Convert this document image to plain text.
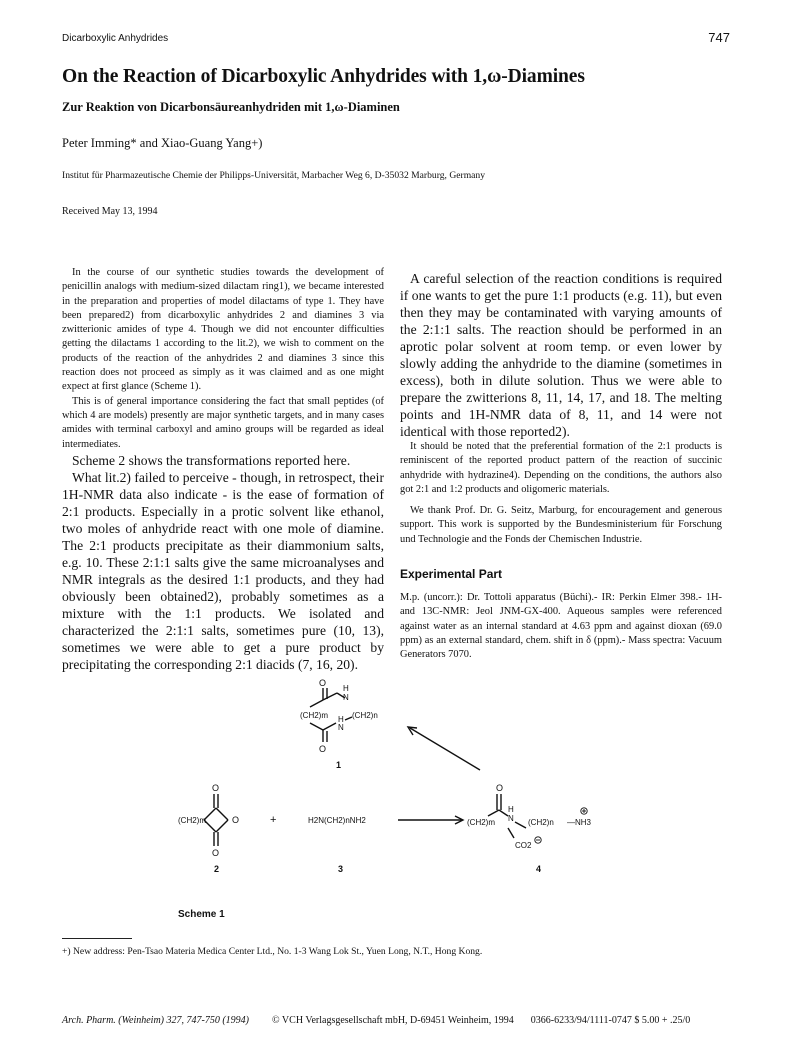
Dicarboxylic Anhydrides	747
On the Reaction of Dicarboxylic Anhydrides with 1,ω-Diamines
Zur Reaktion von Dicarbonsäureanhydriden mit 1,ω-Diaminen
Peter Imming* and Xiao-Guang Yang+)
Institut für Pharmazeutische Chemie der Philipps-Universität, Marbacher Weg 6, D-35032 Marburg, Germany
Received May 13, 1994

In the course of our synthetic studies towards the development of penicillin analogs with medium-sized dilactam ring1), we became interested in the preparation and properties of model dilactams of type 1. They have been prepared2) from dicarboxylic anhydrides 2 and diamines 3 via zwitterionic amides of type 4. Though we did not encounter difficulties getting the dilactams 1 according to the lit.2), we wish to comment on the products of the reaction of the anhydrides 2 and diamines 3 since this reaction does not proceed as simply as it was claimed and as one might expect at first glance (Scheme 1).

This is of general importance considering the fact that small peptides (of which 4 are models) presently are major synthetic targets, and in many cases amides with terminal carboxyl and amino groups will be regarded as ideal intermediates.

Scheme 2 shows the transformations reported here.

What lit.2) failed to perceive - though, in retrospect, their 1H-NMR data also indicate - is the ease of formation of 2:1 products. Especially in a protic solvent like ethanol, two moles of anhydride react with one mole of diamine. The 2:1 products precipitate as their diammonium salts, e.g. 10. These 2:1:1 salts give the same microanalyses and NMR integrals as the desired 1:1 products, and they had obviously been obtained2), probably sometimes as a mixture with the 1:1 products. We isolated and characterized the 2:1:1 salts, sometimes pure (10, 13), sometimes we were able to get a pure product by precipitating the corresponding 2:1 diacids (7, 16, 20).

A careful selection of the reaction conditions is required if one wants to get the pure 1:1 products (e.g. 11), but even then they may be contaminated with varying amounts of the 2:1:1 salts. The reaction should be performed in an aprotic polar solvent at room temp. or even lower by slowly adding the anhydride to the diamine (sometimes in excess), both in dilute solution. Thus we were able to prepare the zwitterions 8, 11, 14, 17, and 18. The melting points and 1H-NMR data of 8, 11, and 14 were not identical with those reported2).

It should be noted that the preferential formation of the 2:1 products is reminiscent of the reported product pattern of the reaction of succinic anhydride with hydrazine4). Depending on the conditions, the authors also got 2:1 and 1:2 products and oligomeric materials.

We thank Prof. Dr. G. Seitz, Marburg, for encouragement and generous support. This work is supported by the Bundesministerium für Forschung und Technologie and the Fonds der Chemischen Industrie.

Experimental Part

M.p. (uncorr.): Dr. Tottoli apparatus (Büchi).- IR: Perkin Elmer 398.- 1H- and 13C-NMR: Jeol JNM-GX-400. Aqueous samples were referenced against water as an internal standard at 4.63 ppm and against dioxan (69.0 ppm) as an external standard, chem. shift in δ (ppm).- Mass spectra: Vacuum Generators 7070.

O
N
H
(CH2)m	(CH2)n
N
H
O
1
O
O
O
(CH2)m
2
+	H2N(CH2)nNH2
3
O
N
H
(CH2)m	(CH2)n —NH3
CO2
4
Scheme 1
+) New address: Pen-Tsao Materia Medica Center Ltd., No. 1-3 Wang Lok St., Yuen Long, N.T., Hong Kong.
Arch. Pharm. (Weinheim) 327, 747-750 (1994) © VCH Verlagsgesellschaft mbH, D-69451 Weinheim, 1994 0366-6233/94/1111-0747 $ 5.00 + .25/0
